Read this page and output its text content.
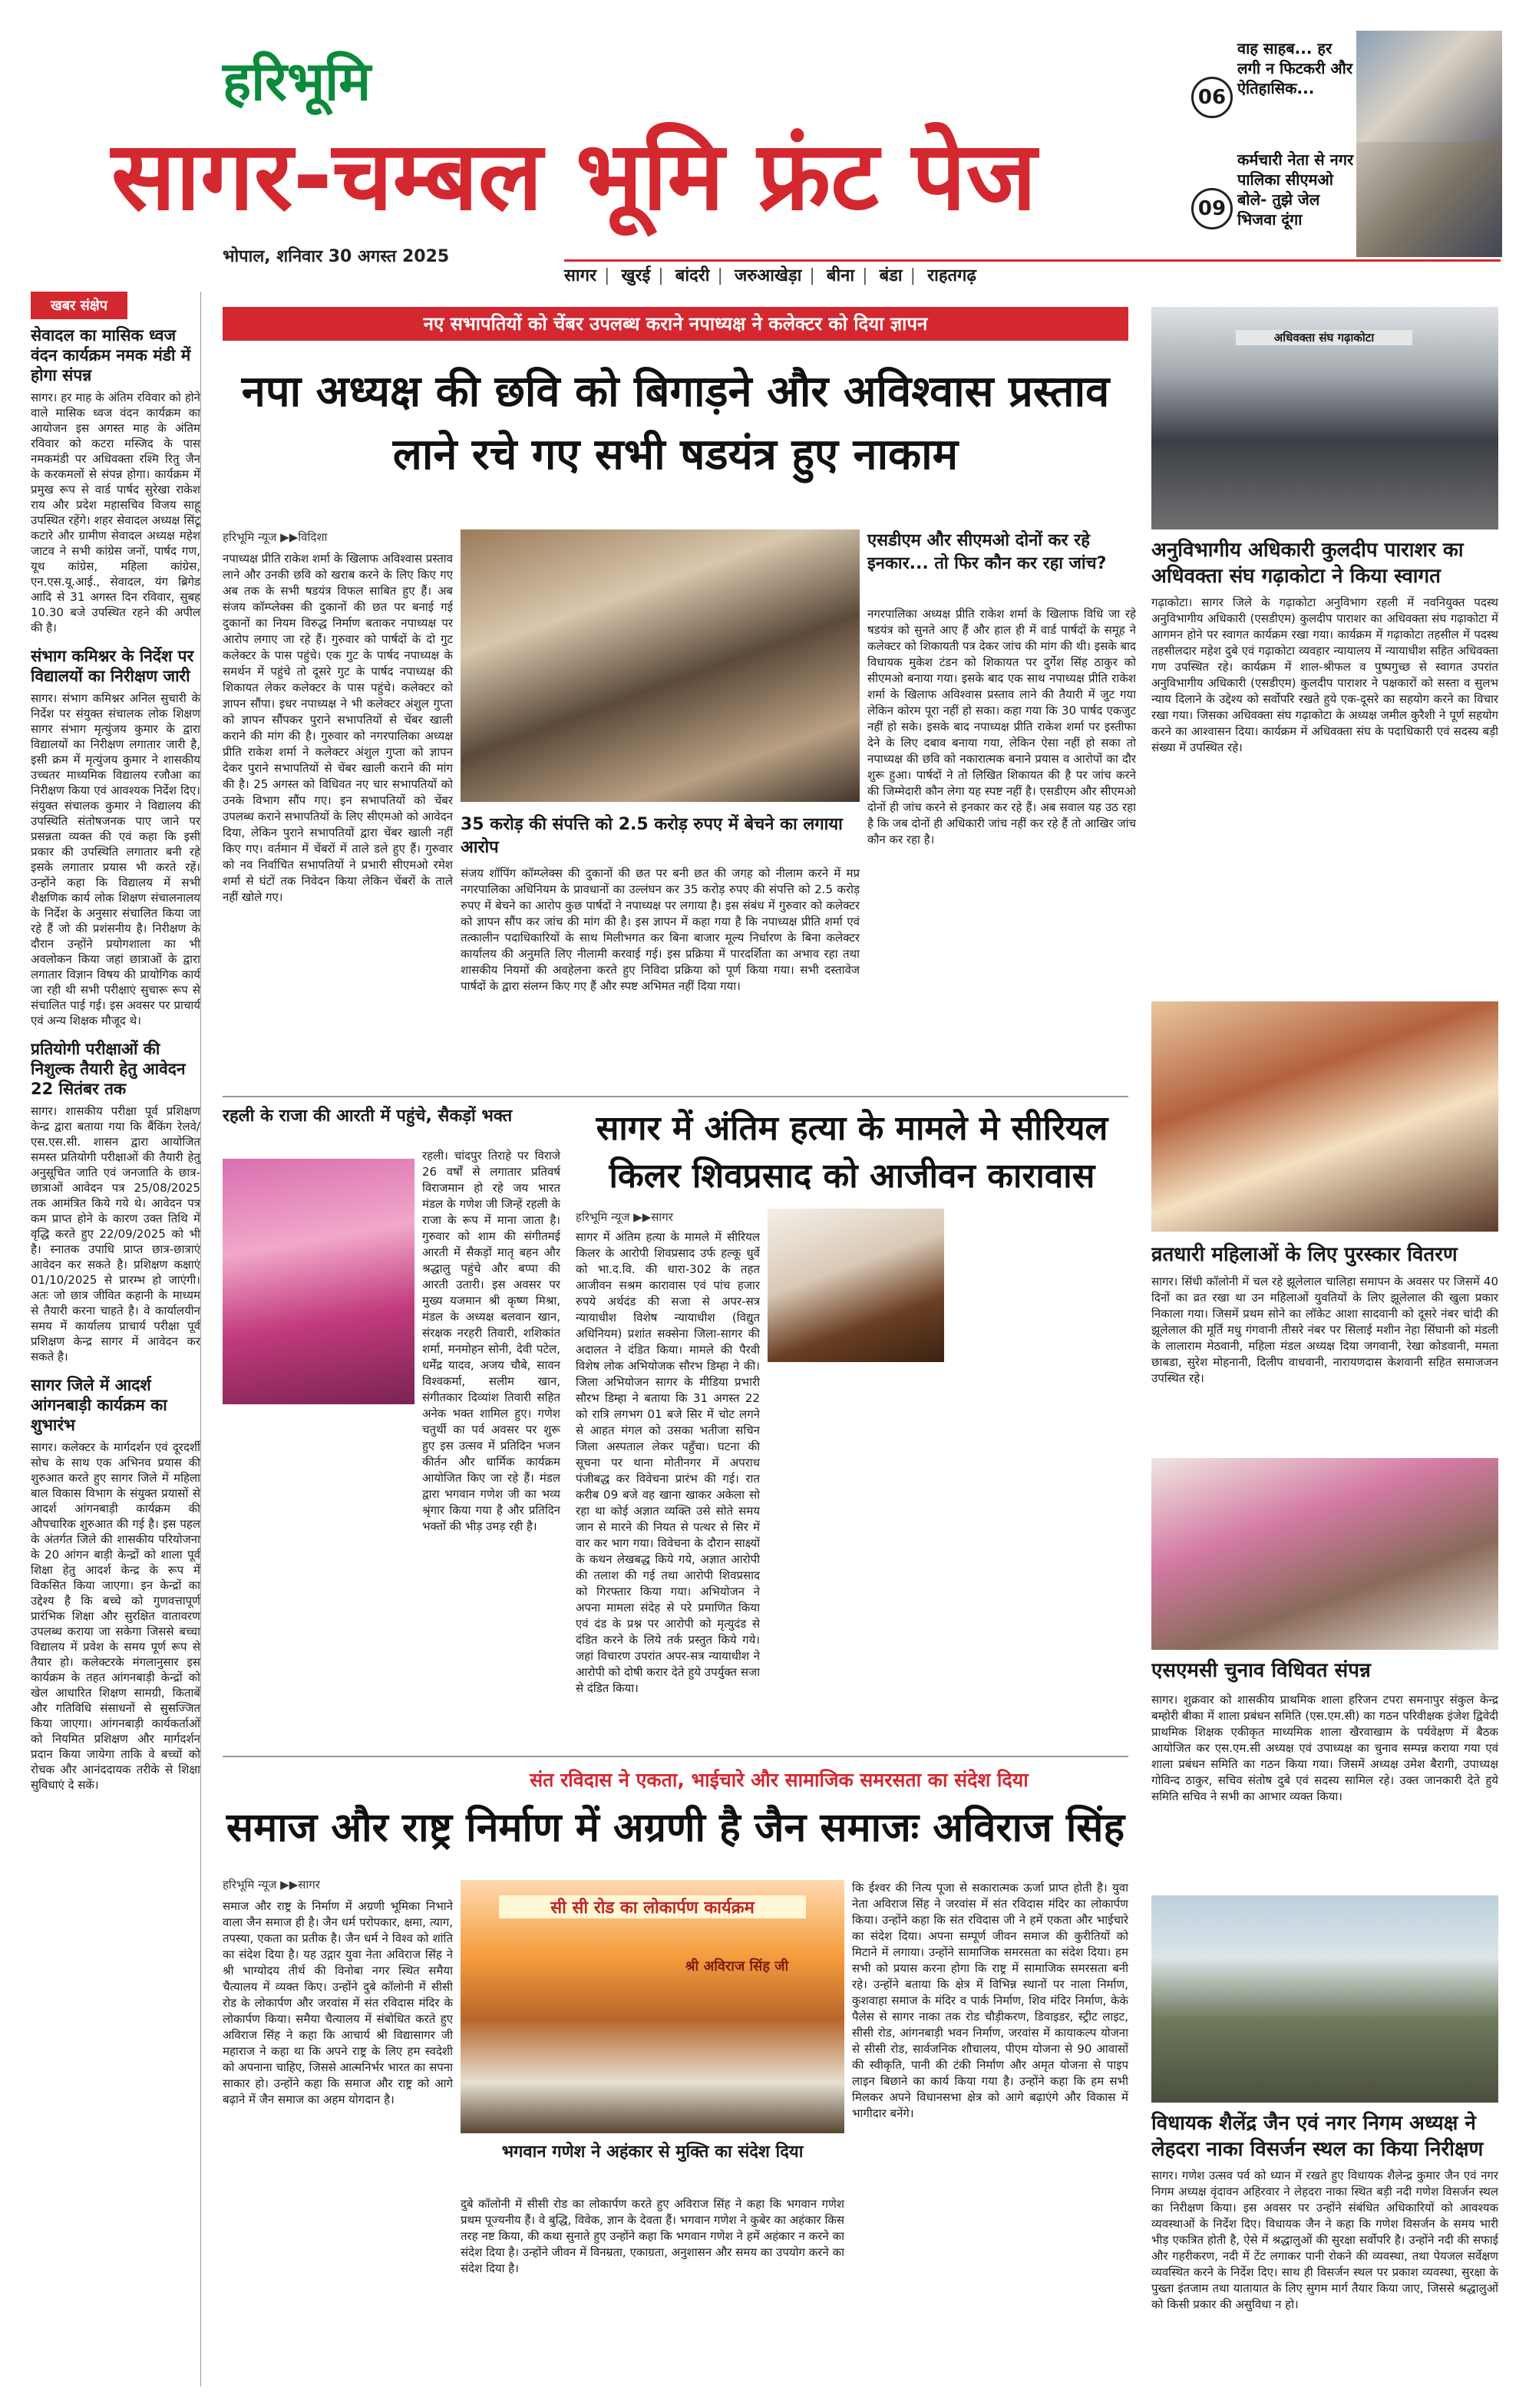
हरिभूमि
सागर-चम्बल भूमि फ्रंट पेज
भोपाल, शनिवार 30 अगस्त 2025
वाह साहब... हर लगी न फिटकरी और ऐतिहासिक...
06
कर्मचारी नेता से नगर पालिका सीएमओ बोले- तुझे जेल भिजवा दूंगा
09
सागर | खुरई | बांदरी | जरुआखेड़ा | बीना | बंडा | राहतगढ़
खबर संक्षेप
सेवादल का मासिक ध्वज वंदन कार्यक्रम नमक मंडी में होगा संपन्न

सागर। हर माह के अंतिम रविवार को होने वाले मासिक ध्वज वंदन कार्यक्रम का आयोजन इस अगस्त माह के अंतिम रविवार को कटरा मस्जिद के पास नमकमंडी पर अधिवक्ता रश्मि रितु जैन के करकमलों से संपन्न होगा। कार्यक्रम में प्रमुख रूप से वार्ड पार्षद सुरेखा राकेश राय और प्रदेश महासचिव विजय साहू उपस्थित रहेंगे। शहर सेवादल अध्यक्ष सिंटू कटारे और ग्रामीण सेवादल अध्यक्ष महेश जाटव ने सभी कांग्रेस जनों, पार्षद गण, यूथ कांग्रेस, महिला कांग्रेस, एन.एस.यू.आई., सेवादल, यंग ब्रिगेड आदि से 31 अगस्त दिन रविवार, सुबह 10.30 बजे उपस्थित रहने की अपील की है।

संभाग कमिश्नर के निर्देश पर विद्यालयों का निरीक्षण जारी

सागर। संभाग कमिश्नर अनिल सुचारी के निर्देश पर संयुक्त संचालक लोक शिक्षण सागर संभाग मृत्युंजय कुमार के द्वारा विद्यालयों का निरीक्षण लगातार जारी है, इसी क्रम में मृत्युंजय कुमार ने शासकीय उच्चतर माध्यमिक विद्यालय रजौआ का निरीक्षण किया एवं आवश्यक निर्देश दिए। संयुक्त संचालक कुमार ने विद्यालय की उपस्थिति संतोषजनक पाए जाने पर प्रसन्नता व्यक्त की एवं कहा कि इसी प्रकार की उपस्थिति लगातार बनी रहे इसके लगातार प्रयास भी करते रहें। उन्होंने कहा कि विद्यालय में सभी शैक्षणिक कार्य लोक शिक्षण संचालनालय के निर्देश के अनुसार संचालित किया जा रहे हैं जो की प्रशंसनीय है। निरीक्षण के दौरान उन्होंने प्रयोगशाला का भी अवलोकन किया जहां छात्राओं के द्वारा लगातार विज्ञान विषय की प्रायोगिक कार्य जा रही थी सभी परीक्षाएं सुचारू रूप से संचालित पाई गई। इस अवसर पर प्राचार्य एवं अन्य शिक्षक मौजूद थे।

प्रतियोगी परीक्षाओं की निशुल्क तैयारी हेतु आवेदन 22 सितंबर तक

सागर। शासकीय परीक्षा पूर्व प्रशिक्षण केन्द्र द्वारा बताया गया कि बैंकिंग रेलवे/एस.एस.सी. शासन द्वारा आयोजित समस्त प्रतियोगी परीक्षाओं की तैयारी हेतु अनुसूचित जाति एवं जनजाति के छात्र-छात्राओं आवेदन पत्र 25/08/2025 तक आमंत्रित किये गये थे। आवेदन पत्र कम प्राप्त होने के कारण उक्त तिथि में वृद्धि करते हुए 22/09/2025 को भी है। स्नातक उपाधि प्राप्त छात्र-छात्राएं आवेदन कर सकते है। प्रशिक्षण कक्षाएं 01/10/2025 से प्रारम्भ हो जाएंगी। अतः जो छात्र जीवित कहानी के माध्यम से तैयारी करना चाहते है। वे कार्यालयीन समय में कार्यालय प्राचार्य परीक्षा पूर्व प्रशिक्षण केन्द्र सागर में आवेदन कर सकते है।

सागर जिले में आदर्श आंगनबाड़ी कार्यक्रम का शुभारंभ

सागर। कलेक्टर के मार्गदर्शन एवं दूरदर्शी सोच के साथ एक अभिनव प्रयास की शुरुआत करते हुए सागर जिले में महिला बाल विकास विभाग के संयुक्त प्रयासों से आदर्श आंगनबाड़ी कार्यक्रम की औपचारिक शुरुआत की गई है। इस पहल के अंतर्गत जिले की शासकीय परियोजना के 20 आंगन बाड़ी केन्द्रों को शाला पूर्व शिक्षा हेतु आदर्श केन्द्र के रूप में विकसित किया जाएगा। इन केन्द्रों का उद्देश्य है कि बच्चे को गुणवत्तापूर्ण प्रारंभिक शिक्षा और सुरक्षित वातावरण उपलब्ध कराया जा सकेगा जिससे बच्चा विद्यालय में प्रवेश के समय पूर्ण रूप से तैयार हो। कलेक्टरके मंगलानुसार इस कार्यक्रम के तहत आंगनबाड़ी केन्द्रों को खेल आधारित शिक्षण सामग्री, किताबें और गतिविधि संसाधनों से सुसज्जित किया जाएगा। आंगनबाड़ी कार्यकर्ताओं को नियमित प्रशिक्षण और मार्गदर्शन प्रदान किया जायेगा ताकि वे बच्चों को रोचक और आनंददायक तरीके से शिक्षा सुविधाएं दे सकें।

नए सभापतियों को चेंबर उपलब्ध कराने नपाध्यक्ष ने कलेक्टर को दिया ज्ञापन
नपा अध्यक्ष की छवि को बिगाड़ने और अविश्वास प्रस्ताव लाने रचे गए सभी षडयंत्र हुए नाकाम
हरिभूमि न्यूज ▶▶विदिशा
नपाध्यक्ष प्रीति राकेश शर्मा के खिलाफ अविश्वास प्रस्ताव लाने और उनकी छवि को खराब करने के लिए किए गए अब तक के सभी षडयंत्र विफल साबित हुए हैं। अब संजय कॉम्प्लेक्स की दुकानों की छत पर बनाई गई दुकानों का नियम विरुद्ध निर्माण बताकर नपाध्यक्ष पर आरोप लगाए जा रहे हैं। गुरुवार को पार्षदों के दो गुट कलेक्टर के पास पहुंचे। एक गुट के पार्षद नपाध्यक्ष के समर्थन में पहुंचे तो दूसरे गुट के पार्षद नपाध्यक्ष की शिकायत लेकर कलेक्टर के पास पहुंचे। कलेक्टर को ज्ञापन सौंपा। इधर नपाध्यक्ष ने भी कलेक्टर अंशुल गुप्ता को ज्ञापन सौंपकर पुराने सभापतियों से चेंबर खाली कराने की मांग की है। गुरुवार को नगरपालिका अध्यक्ष प्रीति राकेश शर्मा ने कलेक्टर अंशुल गुप्ता को ज्ञापन देकर पुराने सभापतियों से चेंबर खाली कराने की मांग की है। 25 अगस्त को विधिवत नए चार सभापतियों को उनके विभाग सौंप गए। इन सभापतियों को चेंबर उपलब्ध कराने सभापतियों के लिए सीएमओ को आवेदन दिया, लेकिन पुराने सभापतियों द्वारा चेंबर खाली नहीं किए गए। वर्तमान में चेंबरों में ताले डले हुए हैं। गुरुवार को नव निर्वाचित सभापतियों ने प्रभारी सीएमओ रमेश शर्मा से घंटों तक निवेदन किया लेकिन चेंबरों के ताले नहीं खोले गए।
35 करोड़ की संपत्ति को 2.5 करोड़ रुपए में बेचने का लगाया आरोप
संजय शॉपिंग कॉम्प्लेक्स की दुकानों की छत पर बनी छत की जगह को नीलाम करने में मप्र नगरपालिका अधिनियम के प्रावधानों का उल्लंघन कर 35 करोड़ रुपए की संपत्ति को 2.5 करोड़ रुपए में बेचने का आरोप कुछ पार्षदों ने नपाध्यक्ष पर लगाया है। इस संबंध में गुरुवार को कलेक्टर को ज्ञापन सौंप कर जांच की मांग की है। इस ज्ञापन में कहा गया है कि नपाध्यक्ष प्रीति शर्मा एवं तत्कालीन पदाधिकारियों के साथ मिलीभगत कर बिना बाजार मूल्य निर्धारण के बिना कलेक्टर कार्यालय की अनुमति लिए नीलामी करवाई गई। इस प्रक्रिया में पारदर्शिता का अभाव रहा तथा शासकीय नियमों की अवहेलना करते हुए निविदा प्रक्रिया को पूर्ण किया गया। सभी दस्तावेज पार्षदों के द्वारा संलग्न किए गए हैं और स्पष्ट अभिमत नहीं दिया गया।
एसडीएम और सीएमओ दोनों कर रहे इनकार... तो फिर कौन कर रहा जांच?
नगरपालिका अध्यक्ष प्रीति राकेश शर्मा के खिलाफ विधि जा रहे षडयंत्र को सुनते आए हैं और हाल ही में वार्ड पार्षदों के समूह ने कलेक्टर को शिकायती पत्र देकर जांच की मांग की थी। इसके बाद विधायक मुकेश टंडन को शिकायत पर दुर्गेश सिंह ठाकुर को सीएमओ बनाया गया। इसके बाद एक साथ नपाध्यक्ष प्रीति राकेश शर्मा के खिलाफ अविश्वास प्रस्ताव लाने की तैयारी में जुट गया लेकिन कोरम पूरा नहीं हो सका। कहा गया कि 30 पार्षद एकजुट नहीं हो सके। इसके बाद नपाध्यक्ष प्रीति राकेश शर्मा पर इस्तीफा देने के लिए दबाव बनाया गया, लेकिन ऐसा नहीं हो सका तो नपाध्यक्ष की छवि को नकारात्मक बनाने प्रयास व आरोपों का दौर शुरू हुआ। पार्षदों ने तो लिखित शिकायत की है पर जांच करने की जिम्मेदारी कौन लेगा यह स्पष्ट नहीं है। एसडीएम और सीएमओ दोनों ही जांच करने से इनकार कर रहे हैं। अब सवाल यह उठ रहा है कि जब दोनों ही अधिकारी जांच नहीं कर रहे हैं तो आखिर जांच कौन कर रहा है।
रहली के राजा की आरती में पहुंचे, सैकड़ों भक्त
रहली। चांदपुर तिराहे पर विराजे 26 वर्षों से लगातार प्रतिवर्ष विराजमान हो रहे जय भारत मंडल के गणेश जी जिन्हें रहली के राजा के रूप में माना जाता है। गुरुवार को शाम की संगीतमई आरती में सैकड़ों मातृ बहन और श्रद्धालु पहुंचे और बप्पा की आरती उतारी। इस अवसर पर मुख्य यजमान श्री कृष्ण मिश्रा, मंडल के अध्यक्ष बलवान खान, संरक्षक नरहरी तिवारी, शशिकांत शर्मा, मनमोहन सोनी, देवी पटेल, धर्मेंद्र यादव, अजय चौबे, सावन विश्वकर्मा, सलीम खान, संगीतकार दिव्यांश तिवारी सहित अनेक भक्त शामिल हुए। गणेश चतुर्थी का पर्व अवसर पर शुरू हुए इस उत्सव में प्रतिदिन भजन कीर्तन और धार्मिक कार्यक्रम आयोजित किए जा रहे हैं। मंडल द्वारा भगवान गणेश जी का भव्य श्रृंगार किया गया है और प्रतिदिन भक्तों की भीड़ उमड़ रही है।
सागर में अंतिम हत्या के मामले मे सीरियल किलर शिवप्रसाद को आजीवन कारावास
हरिभूमि न्यूज ▶▶सागर
सागर में अंतिम हत्या के मामले में सीरियल किलर के आरोपी शिवप्रसाद उर्फ हल्कू धुर्वे को भा.द.वि. की धारा-302 के तहत आजीवन सश्रम कारावास एवं पांच हजार रुपये अर्थदंड की सजा से अपर-सत्र न्यायाधीश विशेष न्यायाधीश (विद्युत अधिनियम) प्रशांत सक्सेना जिला-सागर की अदालत ने दंडित किया। मामले की पैरवी विशेष लोक अभियोजक सौरभ डिम्हा ने की। जिला अभियोजन सागर के मीडिया प्रभारी सौरभ डिम्हा ने बताया कि 31 अगस्त 22 को रात्रि लगभग 01 बजे सिर में चोट लगने से आहत मंगल को उसका भतीजा सचिन जिला अस्पताल लेकर पहुँचा। घटना की सूचना पर थाना मोतीनगर में अपराध पंजीबद्ध कर विवेचना प्रारंभ की गई। रात करीब 09 बजे वह खाना खाकर अकेला सो रहा था कोई अज्ञात व्यक्ति उसे सोते समय जान से मारने की नियत से पत्थर से सिर में वार कर भाग गया। विवेचना के दौरान साक्ष्यों के कथन लेखबद्ध किये गये, अज्ञात आरोपी की तलाश की गई तथा आरोपी शिवप्रसाद को गिरफ्तार किया गया। अभियोजन ने अपना मामला संदेह से परे प्रमाणित किया एवं दंड के प्रश्न पर आरोपी को मृत्युदंड से दंडित करने के लिये तर्क प्रस्तुत किये गये। जहां विचारण उपरांत अपर-सत्र न्यायाधीश ने आरोपी को दोषी करार देते हुये उपर्युक्त सजा से दंडित किया।
संत रविदास ने एकता, भाईचारे और सामाजिक समरसता का संदेश दिया
समाज और राष्ट्र निर्माण में अग्रणी है जैन समाजः अविराज सिंह
हरिभूमि न्यूज ▶▶सागर
समाज और राष्ट्र के निर्माण में अग्रणी भूमिका निभाने वाला जैन समाज ही है। जैन धर्म परोपकार, क्षमा, त्याग, तपस्या, एकता का प्रतीक है। जैन धर्म ने विश्व को शांति का संदेश दिया है। यह उद्गार युवा नेता अविराज सिंह ने श्री भाग्योदय तीर्थ की विनोबा नगर स्थित समैया चैत्यालय में व्यक्त किए। उन्होंने दुबे कॉलोनी में सीसी रोड के लोकार्पण और जरवांस में संत रविदास मंदिर के लोकार्पण किया। समैया चैत्यालय में संबोधित करते हुए अविराज सिंह ने कहा कि आचार्य श्री विद्यासागर जी महाराज ने कहा था कि अपने राष्ट्र के लिए हम स्वदेशी को अपनाना चाहिए, जिससे आत्मनिर्भर भारत का सपना साकार हो। उन्होंने कहा कि समाज और राष्ट्र को आगे बढ़ाने में जैन समाज का अहम योगदान है।
सी सी रोड का लोकार्पण कार्यक्रम
श्री अविराज सिंह जी
भगवान गणेश ने अहंकार से मुक्ति का संदेश दिया
दुबे कॉलोनी में सीसी रोड का लोकार्पण करते हुए अविराज सिंह ने कहा कि भगवान गणेश प्रथम पूज्यनीय हैं। वे बुद्धि, विवेक, ज्ञान के देवता हैं। भगवान गणेश ने कुबेर का अहंकार किस तरह नष्ट किया, की कथा सुनाते हुए उन्होंने कहा कि भगवान गणेश ने हमें अहंकार न करने का संदेश दिया है। उन्होंने जीवन में विनम्रता, एकाग्रता, अनुशासन और समय का उपयोग करने का संदेश दिया है।
कि ईश्वर की नित्य पूजा से सकारात्मक ऊर्जा प्राप्त होती है। युवा नेता अविराज सिंह ने जरवांस में संत रविदास मंदिर का लोकार्पण किया। उन्होंने कहा कि संत रविदास जी ने हमें एकता और भाईचारे का संदेश दिया। अपना सम्पूर्ण जीवन समाज की कुरीतियों को मिटाने में लगाया। उन्होंने सामाजिक समरसता का संदेश दिया। हम सभी को प्रयास करना होगा कि राष्ट्र में सामाजिक समरसता बनी रहे। उन्होंने बताया कि क्षेत्र में विभिन्न स्थानों पर नाला निर्माण, कुशवाहा समाज के मंदिर व पार्क निर्माण, शिव मंदिर निर्माण, केके पैलेस से सागर नाका तक रोड चौड़ीकरण, डिवाइडर, स्ट्रीट लाइट, सीसी रोड, आंगनबाड़ी भवन निर्माण, जरवांस में कायाकल्प योजना से सीसी रोड, सार्वजनिक शौचालय, पीएम योजना से 90 आवासों की स्वीकृति, पानी की टंकी निर्माण और अमृत योजना से पाइप लाइन बिछाने का कार्य किया गया है। उन्होंने कहा कि हम सभी मिलकर अपने विधानसभा क्षेत्र को आगे बढ़ाएंगे और विकास में भागीदार बनेंगे।
अधिवक्ता संघ गढ़ाकोटा
अनुविभागीय अधिकारी कुलदीप पाराशर का अधिवक्ता संघ गढ़ाकोटा ने किया स्वागत
गढ़ाकोटा। सागर जिले के गढ़ाकोटा अनुविभाग रहली में नवनियुक्त पदस्थ अनुविभागीय अधिकारी (एसडीएम) कुलदीप पाराशर का अधिवक्ता संघ गढ़ाकोटा में आगमन होने पर स्वागत कार्यक्रम रखा गया। कार्यक्रम में गढ़ाकोटा तहसील में पदस्थ तहसीलदार महेश दुबे एवं गढ़ाकोटा व्यवहार न्यायालय में न्यायाधीश सहित अधिवक्ता गण उपस्थित रहे। कार्यक्रम में शाल-श्रीफल व पुष्पगुच्छ से स्वागत उपरांत अनुविभागीय अधिकारी (एसडीएम) कुलदीप पाराशर ने पक्षकारों को सस्ता व सुलभ न्याय दिलाने के उद्देश्य को सर्वोपरि रखते हुये एक-दूसरे का सहयोग करने का विचार रखा गया। जिसका अधिवक्ता संघ गढ़ाकोटा के अध्यक्ष जमील कुरैशी ने पूर्ण सहयोग करने का आश्वासन दिया। कार्यक्रम में अधिवक्ता संघ के पदाधिकारी एवं सदस्य बड़ी संख्या में उपस्थित रहे।
व्रतधारी महिलाओं के लिए पुरस्कार वितरण
सागर। सिंधी कॉलोनी में चल रहे झूलेलाल चालिहा समापन के अवसर पर जिसमें 40 दिनों का व्रत रखा था उन महिलाओं युवतियों के लिए झूलेलाल की खुला प्रकार निकाला गया। जिसमें प्रथम सोने का लॉकेट आशा सादवानी को दूसरे नंबर चांदी की झूलेलाल की मूर्ति मधु गंगवानी तीसरे नंबर पर सिलाई मशीन नेहा सिंघानी को मंडली के लालाराम मेठवानी, महिला मंडल अध्यक्ष दिया जगवानी, रेखा कोडवानी, ममता छाबडा, सुरेश मोहनानी, दिलीप वाधवानी, नारायणदास केशवानी सहित समाजजन उपस्थित रहे।
एसएमसी चुनाव विधिवत संपन्न
सागर। शुक्रवार को शासकीय प्राथमिक शाला हरिजन टपरा समनापुर संकुल केन्द्र बम्होरी बीका में शाला प्रबंधन समिति (एस.एम.सी) का गठन परिवीक्षक इंजेश द्विवेदी प्राथमिक शिक्षक एकीकृत माध्यमिक शाला खैरवाखाम के पर्यवेक्षण में बैठक आयोजित कर एस.एम.सी अध्यक्ष एवं उपाध्यक्ष का चुनाव सम्पन्न कराया गया एवं शाला प्रबंधन समिति का गठन किया गया। जिसमें अध्यक्ष उमेश बैरागी, उपाध्यक्ष गोविन्द ठाकुर, सचिव संतोष दुबे एवं सदस्य सामिल रहे। उक्त जानकारी देते हुये समिति सचिव ने सभी का आभार व्यक्त किया।
विधायक शैलेंद्र जैन एवं नगर निगम अध्यक्ष ने लेहदरा नाका विसर्जन स्थल का किया निरीक्षण
सागर। गणेश उत्सव पर्व को ध्यान में रखते हुए विधायक शैलेन्द्र कुमार जैन एवं नगर निगम अध्यक्ष वृंदावन अहिरवार ने लेहदरा नाका स्थित बड़ी नदी गणेश विसर्जन स्थल का निरीक्षण किया। इस अवसर पर उन्होंने संबंधित अधिकारियों को आवश्यक व्यवस्थाओं के निर्देश दिए। विधायक जैन ने कहा कि गणेश विसर्जन के समय भारी भीड़ एकत्रित होती है, ऐसे में श्रद्धालुओं की सुरक्षा सर्वोपरि है। उन्होंने नदी की सफाई और गहरीकरण, नदी में टेंट लगाकर पानी रोकने की व्यवस्था, तथा पेयजल सर्वेक्षण व्यवस्थित करने के निर्देश दिए। साथ ही विसर्जन स्थल पर प्रकाश व्यवस्था, सुरक्षा के पुख्ता इंतजाम तथा यातायात के लिए सुगम मार्ग तैयार किया जाए, जिससे श्रद्धालुओं को किसी प्रकार की असुविधा न हो।
